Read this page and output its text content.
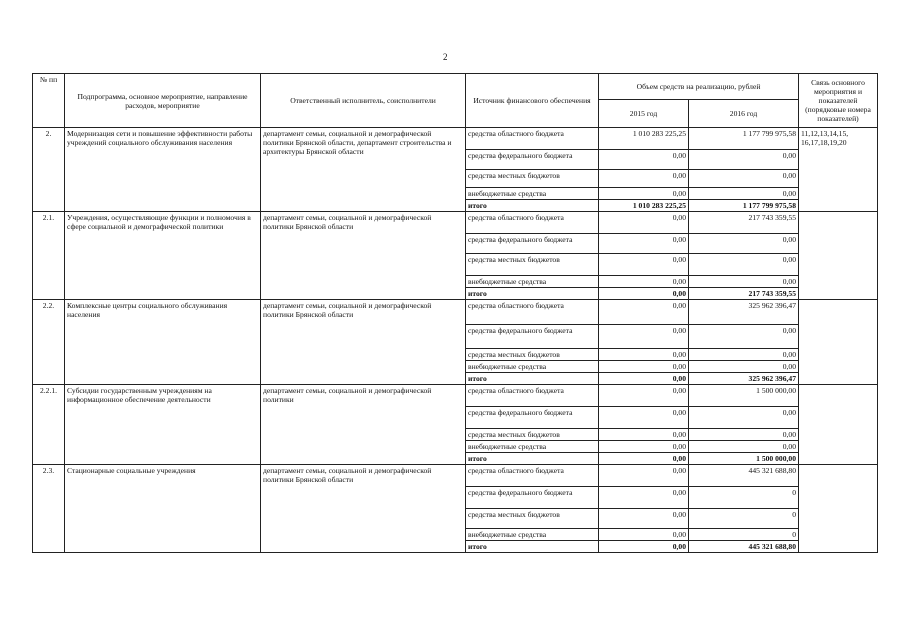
2
№ пп	Подпрограмма, основное мероприятие, направление расходов, мероприятие	Ответственный исполнитель, соисполнители	Источник финансового обеспечения	Объем средств на реализацию, рублей		Связь основного мероприятия и показателей (порядковые номера показателей)
				2015 год	2016 год	
2.	Модернизация сети и повышение эффективности работы учреждений социального обслуживания населения	департамент семьи, социальной и демографической политики Брянской области, департамент строительства и архитектуры Брянской области	средства областного бюджета	1 010 283 225,25	1 177 799 975,58	11,12,13,14,15, 16,17,18,19,20
			средства федерального бюджета	0,00	0,00	
			средства местных бюджетов	0,00	0,00	
			внебюджетные средства	0,00	0,00	
			итого	1 010 283 225,25	1 177 799 975,58	
2.1.	Учреждения, осуществляющие функции и полномочия в сфере социальной и демографической политики	департамент семьи, социальной и демографической политики Брянской области	средства областного бюджета	0,00	217 743 359,55	
			средства федерального бюджета	0,00	0,00	
			средства местных бюджетов	0,00	0,00	
			внебюджетные средства	0,00	0,00	
			итого	0,00	217 743 359,55	
2.2.	Комплексные центры социального обслуживания населения	департамент семьи, социальной и демографической политики Брянской области	средства областного бюджета	0,00	325 962 396,47	
			средства федерального бюджета	0,00	0,00	
			средства местных бюджетов	0,00	0,00	
			внебюджетные средства	0,00	0,00	
			итого	0,00	325 962 396,47	
2.2.1.	Субсидии государственным учреждениям на информационное обеспечение деятельности	департамент семьи, социальной и демографической политики	средства областного бюджета	0,00	1 500 000,00	
			средства федерального бюджета	0,00	0,00	
			средства местных бюджетов	0,00	0,00	
			внебюджетные средства	0,00	0,00	
			итого	0,00	1 500 000,00	
2.3.	Стационарные социальные учреждения	департамент семьи, социальной и демографической политики Брянской области	средства областного бюджета	0,00	445 321 688,80	
			средства федерального бюджета	0,00	0	
			средства местных бюджетов	0,00	0	
			внебюджетные средства	0,00	0	
			итого	0,00	445 321 688,80	
